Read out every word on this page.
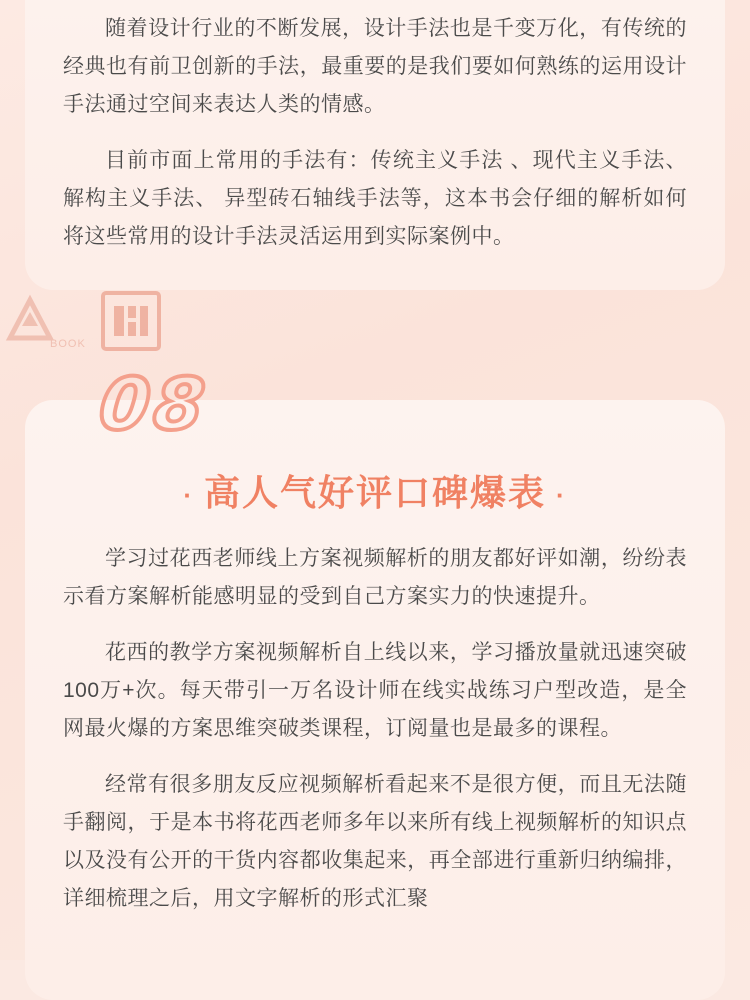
随着设计行业的不断发展，设计手法也是千变万化，有传统的经典也有前卫创新的手法，最重要的是我们要如何熟练的运用设计手法通过空间来表达人类的情感。

目前市面上常用的手法有：传统主义手法 、现代主义手法、 解构主义手法、 异型砖石轴线手法等，这本书会仔细的解析如何将这些常用的设计手法灵活运用到实际案例中。

BOOK
08
· 高人气好评口碑爆表 ·

学习过花西老师线上方案视频解析的朋友都好评如潮，纷纷表示看方案解析能感明显的受到自己方案实力的快速提升。

花西的教学方案视频解析自上线以来，学习播放量就迅速突破100万+次。每天带引一万名设计师在线实战练习户型改造，是全网最火爆的方案思维突破类课程，订阅量也是最多的课程。

经常有很多朋友反应视频解析看起来不是很方便，而且无法随手翻阅，于是本书将花西老师多年以来所有线上视频解析的知识点以及没有公开的干货内容都收集起来，再全部进行重新归纳编排，详细梳理之后，用文字解析的形式汇聚
